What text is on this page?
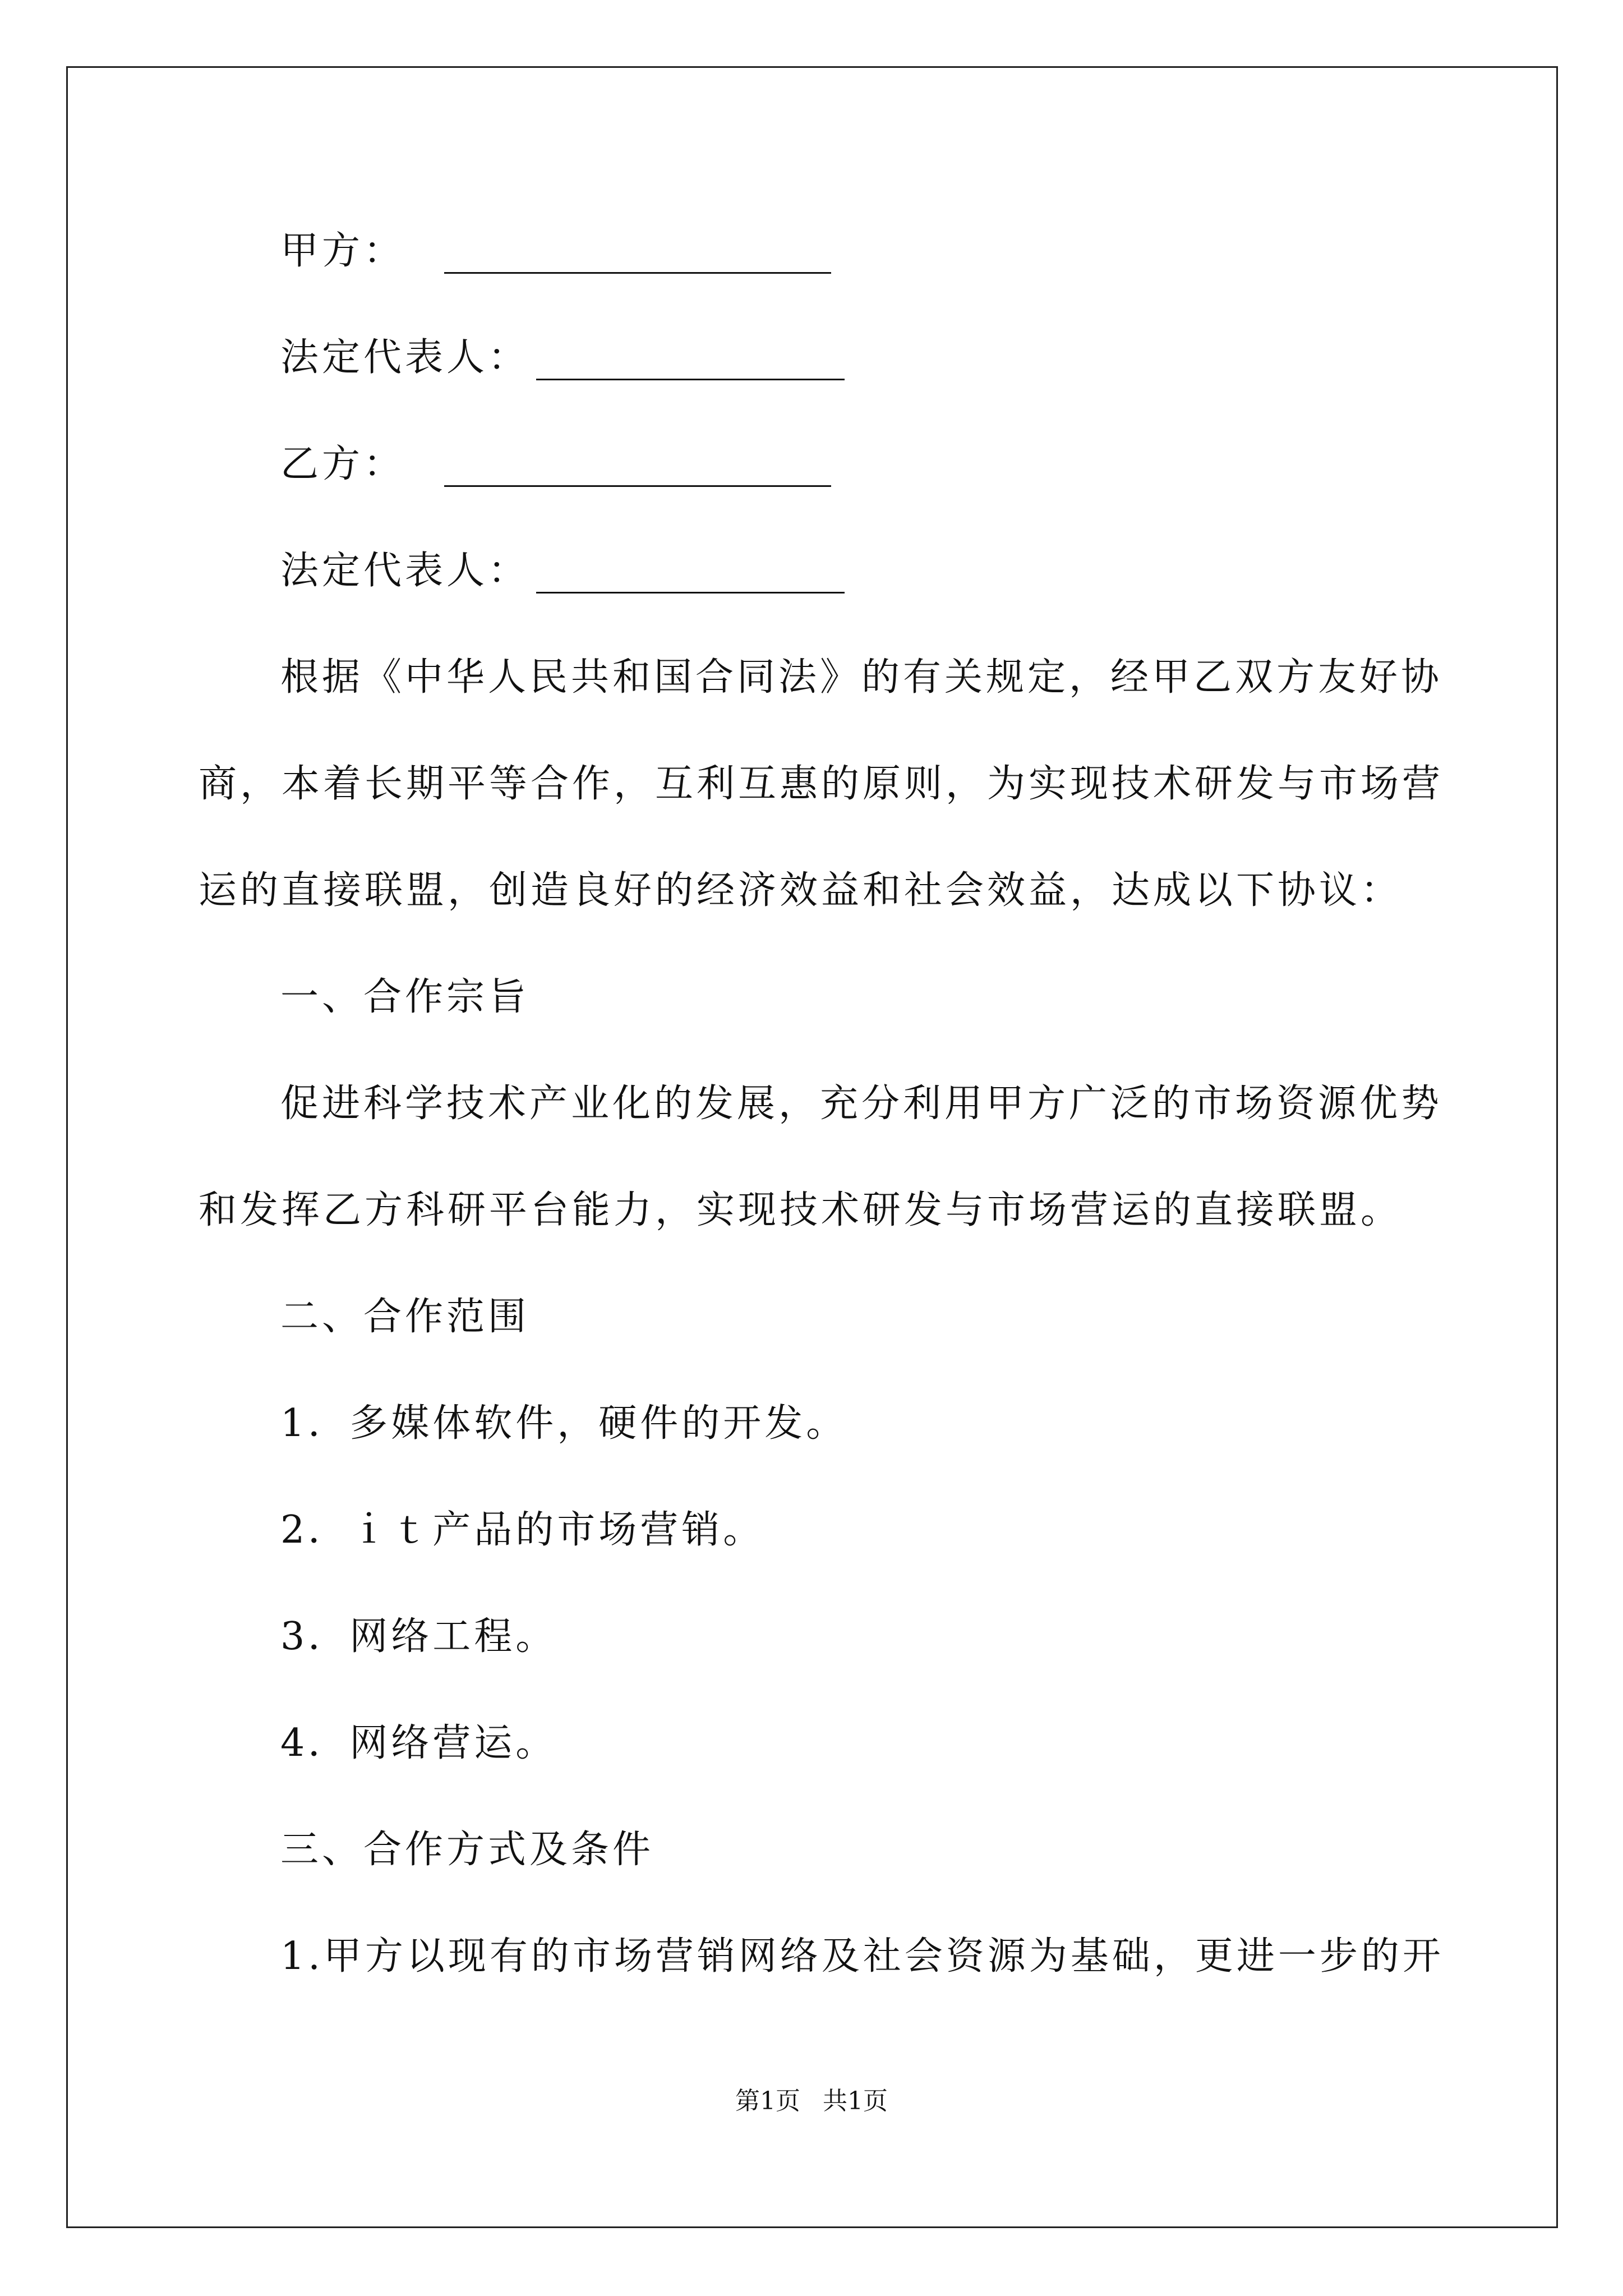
甲方：
法定代表人：
乙方：
法定代表人：
根据《中华人民共和国合同法》的有关规定，经甲乙双方友好协
商，本着长期平等合作，互利互惠的原则，为实现技术研发与市场营
运的直接联盟，创造良好的经济效益和社会效益，达成以下协议：
一、合作宗旨
促进科学技术产业化的发展，充分利用甲方广泛的市场资源优势
和发挥乙方科研平台能力，实现技术研发与市场营运的直接联盟。
二、合作范围
1．多媒体软件，硬件的开发。
2．ｉｔ产品的市场营销。
3．网络工程。
4．网络营运。
三、合作方式及条件
1.甲方以现有的市场营销网络及社会资源为基础，更进一步的开
第1页 共1页
